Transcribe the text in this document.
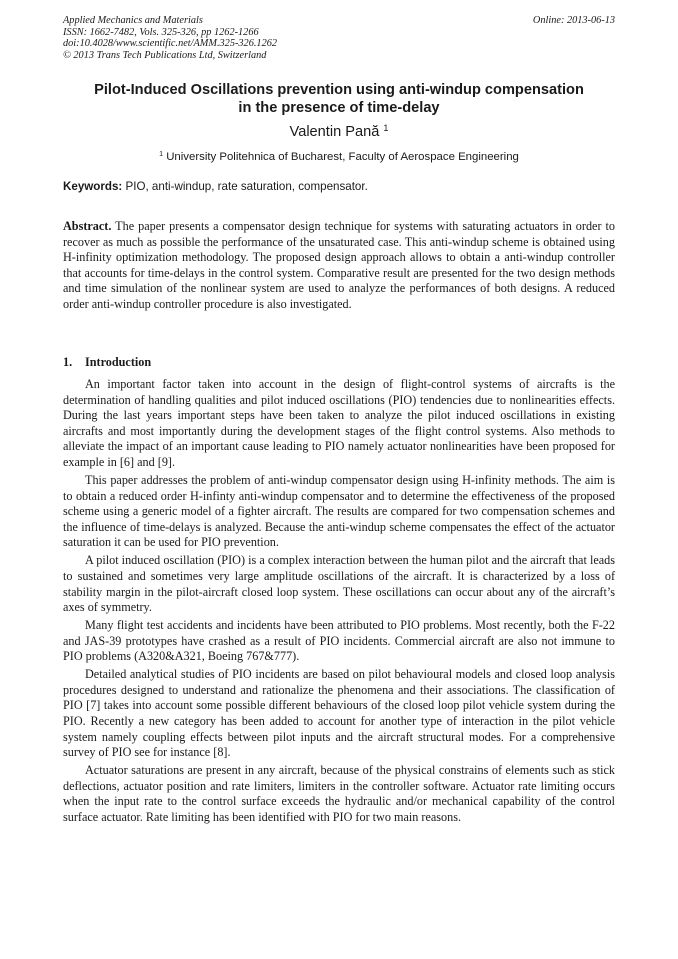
Applied Mechanics and Materials
ISSN: 1662-7482, Vols. 325-326, pp 1262-1266
doi:10.4028/www.scientific.net/AMM.325-326.1262
© 2013 Trans Tech Publications Ltd, Switzerland
Online: 2013-06-13
Pilot-Induced Oscillations prevention using anti-windup compensation
in the presence of time-delay
Valentin Pană $^1$
$^1$ University Politehnica of Bucharest, Faculty of Aerospace Engineering
Keywords: PIO, anti-windup, rate saturation, compensator.

Abstract. The paper presents a compensator design technique for systems with saturating actuators in order to recover as much as possible the performance of the unsaturated case. This anti-windup scheme is obtained using H-infinity optimization methodology. The proposed design approach allows to obtain a anti-windup controller that accounts for time-delays in the control system. Comparative result are presented for the two design methods and time simulation of the nonlinear system are used to analyze the performances of both designs. A reduced order anti-windup controller procedure is also investigated.

1. Introduction

An important factor taken into account in the design of flight-control systems of aircrafts is the determination of handling qualities and pilot induced oscillations (PIO) tendencies due to nonlinearities effects. During the last years important steps have been taken to analyze the pilot induced oscillations in existing aircrafts and most importantly during the development stages of the flight control systems. Also methods to alleviate the impact of an important cause leading to PIO namely actuator nonlinearities have been proposed for example in [6] and [9].

This paper addresses the problem of anti-windup compensator design using H-infinity methods. The aim is to obtain a reduced order H-infinty anti-windup compensator and to determine the effectiveness of the proposed scheme using a generic model of a fighter aircraft. The results are compared for two compensation schemes and the influence of time-delays is analyzed. Because the anti-windup scheme compensates the effect of the actuator saturation it can be used for PIO prevention.

A pilot induced oscillation (PIO) is a complex interaction between the human pilot and the aircraft that leads to sustained and sometimes very large amplitude oscillations of the aircraft. It is characterized by a loss of stability margin in the pilot-aircraft closed loop system. These oscillations can occur about any of the aircraft’s axes of symmetry.

Many flight test accidents and incidents have been attributed to PIO problems. Most recently, both the F-22 and JAS-39 prototypes have crashed as a result of PIO incidents. Commercial aircraft are also not immune to PIO problems (A320&A321, Boeing 767&777).

Detailed analytical studies of PIO incidents are based on pilot behavioural models and closed loop analysis procedures designed to understand and rationalize the phenomena and their associations. The classification of PIO [7] takes into account some possible different behaviours of the closed loop pilot vehicle system during the PIO. Recently a new category has been added to account for another type of interaction in the pilot vehicle system namely coupling effects between pilot inputs and the aircraft structural modes. For a comprehensive survey of PIO see for instance [8].

Actuator saturations are present in any aircraft, because of the physical constrains of elements such as stick deflections, actuator position and rate limiters, limiters in the controller software. Actuator rate limiting occurs when the input rate to the control surface exceeds the hydraulic and/or mechanical capability of the control surface actuator. Rate limiting has been identified with PIO for two main reasons.
